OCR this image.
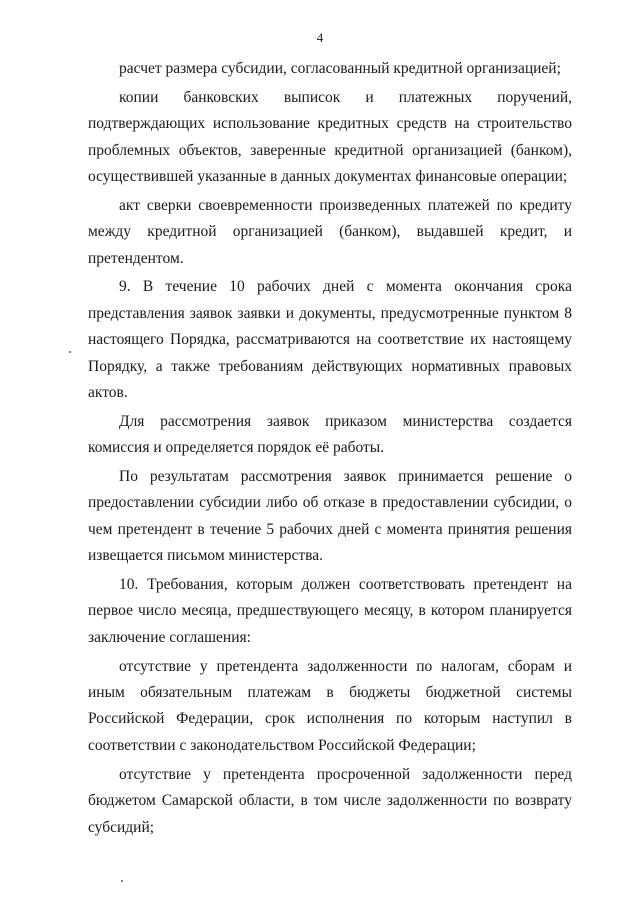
4

расчет размера субсидии, согласованный кредитной организацией;

копии банковских выписок и платежных поручений, подтверждающих использование кредитных средств на строительство проблемных объектов, заверенные кредитной организацией (банком), осуществившей указанные в данных документах финансовые операции;

акт сверки своевременности произведенных платежей по кредиту между кредитной организацией (банком), выдавшей кредит, и претендентом.

9. В течение 10 рабочих дней с момента окончания срока представления заявок заявки и документы, предусмотренные пунктом 8 настоящего Порядка, рассматриваются на соответствие их настоящему Порядку, а также требованиям действующих нормативных правовых актов.

Для рассмотрения заявок приказом министерства создается комиссия и определяется порядок её работы.

По результатам рассмотрения заявок принимается решение о предоставлении субсидии либо об отказе в предоставлении субсидии, о чем претендент в течение 5 рабочих дней с момента принятия решения извещается письмом министерства.

10. Требования, которым должен соответствовать претендент на первое число месяца, предшествующего месяцу, в котором планируется заключение соглашения:

отсутствие у претендента задолженности по налогам, сборам и иным обязательным платежам в бюджеты бюджетной системы Российской Федерации, срок исполнения по которым наступил в соответствии с законодательством Российской Федерации;

отсутствие у претендента просроченной задолженности перед бюджетом Самарской области, в том числе задолженности по возврату субсидий;
